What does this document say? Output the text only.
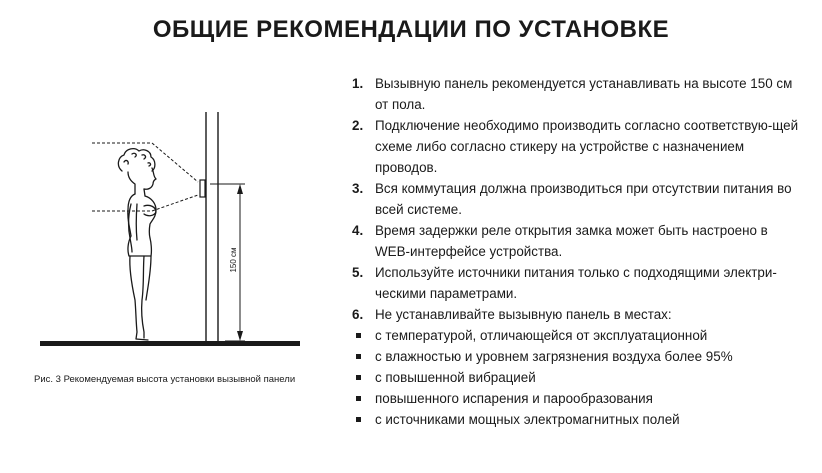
ОБЩИЕ РЕКОМЕНДАЦИИ ПО УСТАНОВКЕ
150 см
Рис. 3 Рекомендуемая высота установки вызывной панели
1. Вызывную панель рекомендуется устанавливать на высоте 150 см от пола.
2. Подключение необходимо производить согласно соответствую-щей схеме либо согласно стикеру на устройстве с назначением проводов.
3. Вся коммутация должна производиться при отсутствии питания во всей системе.
4. Время задержки реле открытия замка может быть настроено в WEB-интерфейсе устройства.
5. Используйте источники питания только с подходящими электри-ческими параметрами.
6. Не устанавливайте вызывную панель в местах:
с температурой, отличающейся от эксплуатационной
с влажностью и уровнем загрязнения воздуха более 95%
с повышенной вибрацией
повышенного испарения и парообразования
с источниками мощных электромагнитных полей
